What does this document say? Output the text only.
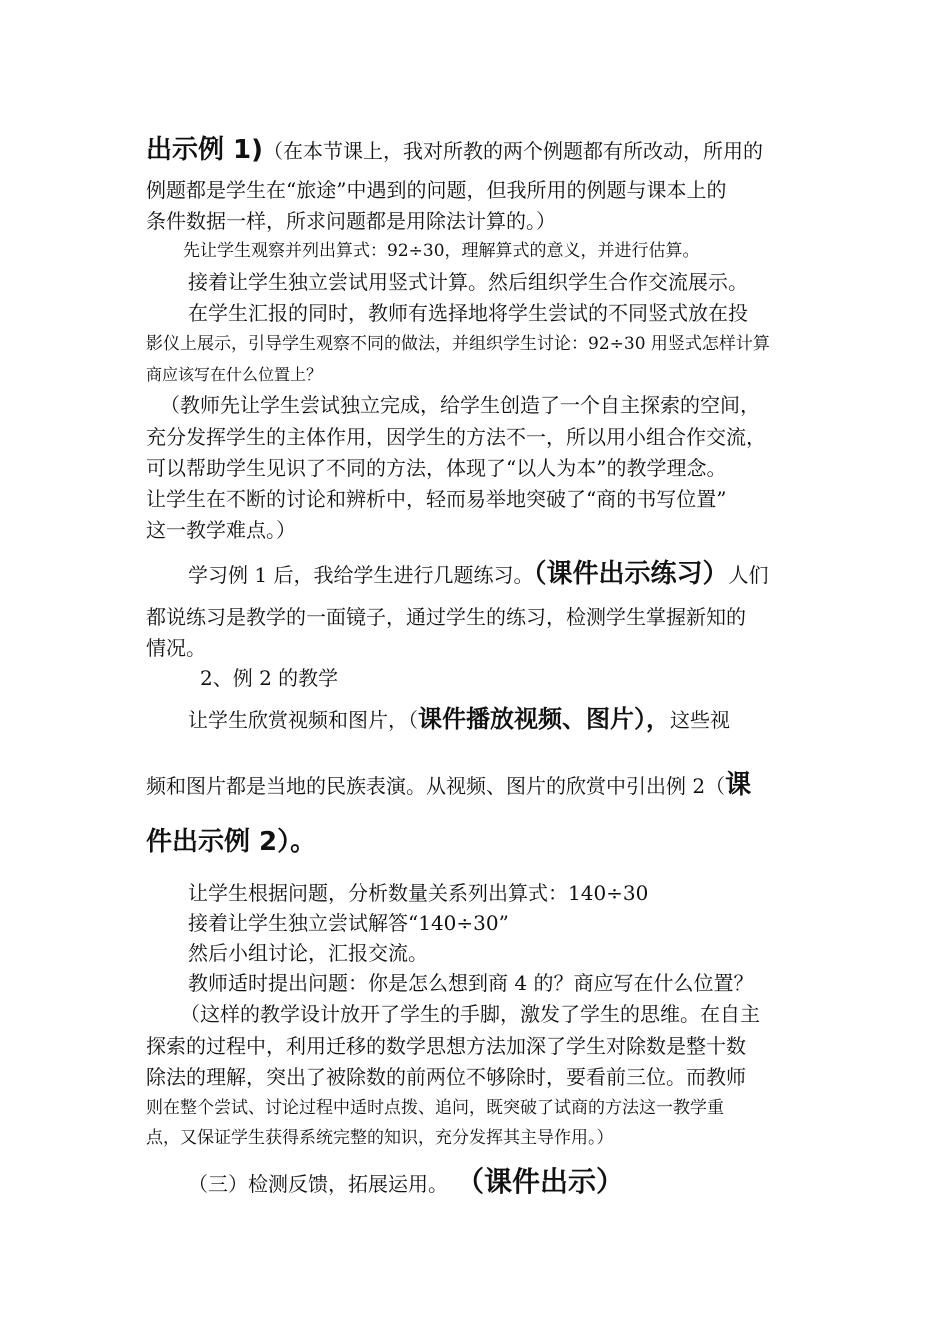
出示例 1)（在本节课上，我对所教的两个例题都有所改动，所用的
例题都是学生在“旅途”中遇到的问题，但我所用的例题与课本上的
条件数据一样，所求问题都是用除法计算的。）
先让学生观察并列出算式：92÷30，理解算式的意义，并进行估算。
接着让学生独立尝试用竖式计算。然后组织学生合作交流展示。
在学生汇报的同时，教师有选择地将学生尝试的不同竖式放在投
影仪上展示，引导学生观察不同的做法，并组织学生讨论：92÷30 用竖式怎样计算
商应该写在什么位置上？
（教师先让学生尝试独立完成，给学生创造了一个自主探索的空间，
充分发挥学生的主体作用，因学生的方法不一，所以用小组合作交流，
可以帮助学生见识了不同的方法，体现了“以人为本”的教学理念。
让学生在不断的讨论和辨析中，轻而易举地突破了“商的书写位置”
这一教学难点。）
学习例 1 后，我给学生进行几题练习。（课件出示练习）人们
都说练习是教学的一面镜子，通过学生的练习，检测学生掌握新知的
情况。
2、例 2 的教学
让学生欣赏视频和图片，（课件播放视频、图片），这些视
频和图片都是当地的民族表演。从视频、图片的欣赏中引出例 2（课
件出示例 2）。
让学生根据问题，分析数量关系列出算式：140÷30
接着让学生独立尝试解答“140÷30”
然后小组讨论，汇报交流。
教师适时提出问题：你是怎么想到商 4 的？商应写在什么位置？
（这样的教学设计放开了学生的手脚，激发了学生的思维。在自主
探索的过程中，利用迁移的数学思想方法加深了学生对除数是整十数
除法的理解，突出了被除数的前两位不够除时，要看前三位。而教师
则在整个尝试、讨论过程中适时点拨、追问，既突破了试商的方法这一教学重
点，又保证学生获得系统完整的知识，充分发挥其主导作用。）
（三）检测反馈，拓展运用。 （课件出示）
